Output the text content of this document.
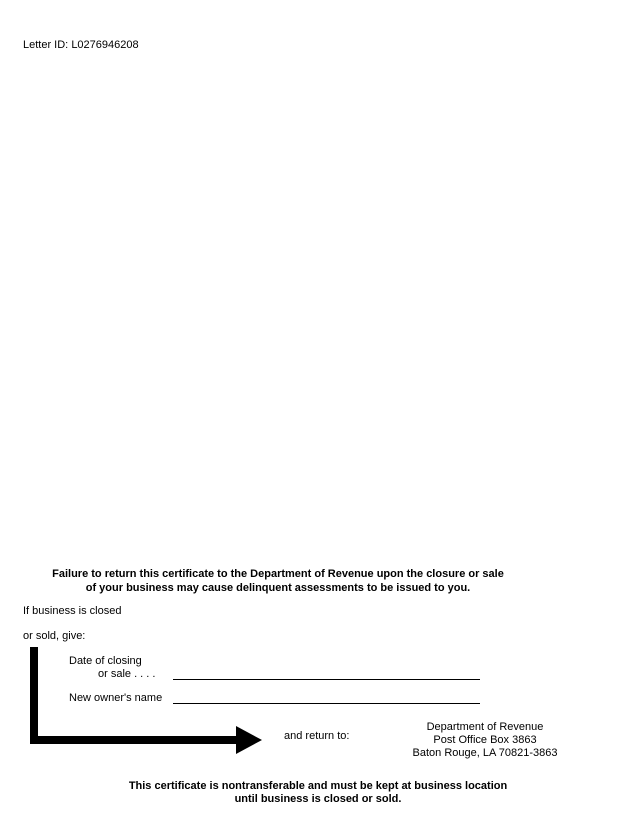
Letter ID: L0276946208
Failure to return this certificate to the Department of Revenue upon the closure or sale
of your business may cause delinquent assessments to be issued to you.
If business is closed
or sold, give:
Date of closing
or sale . . . .
New owner's name
and return to:
Department of Revenue
Post Office Box 3863
Baton Rouge, LA 70821-3863
This certificate is nontransferable and must be kept at business location
until business is closed or sold.
